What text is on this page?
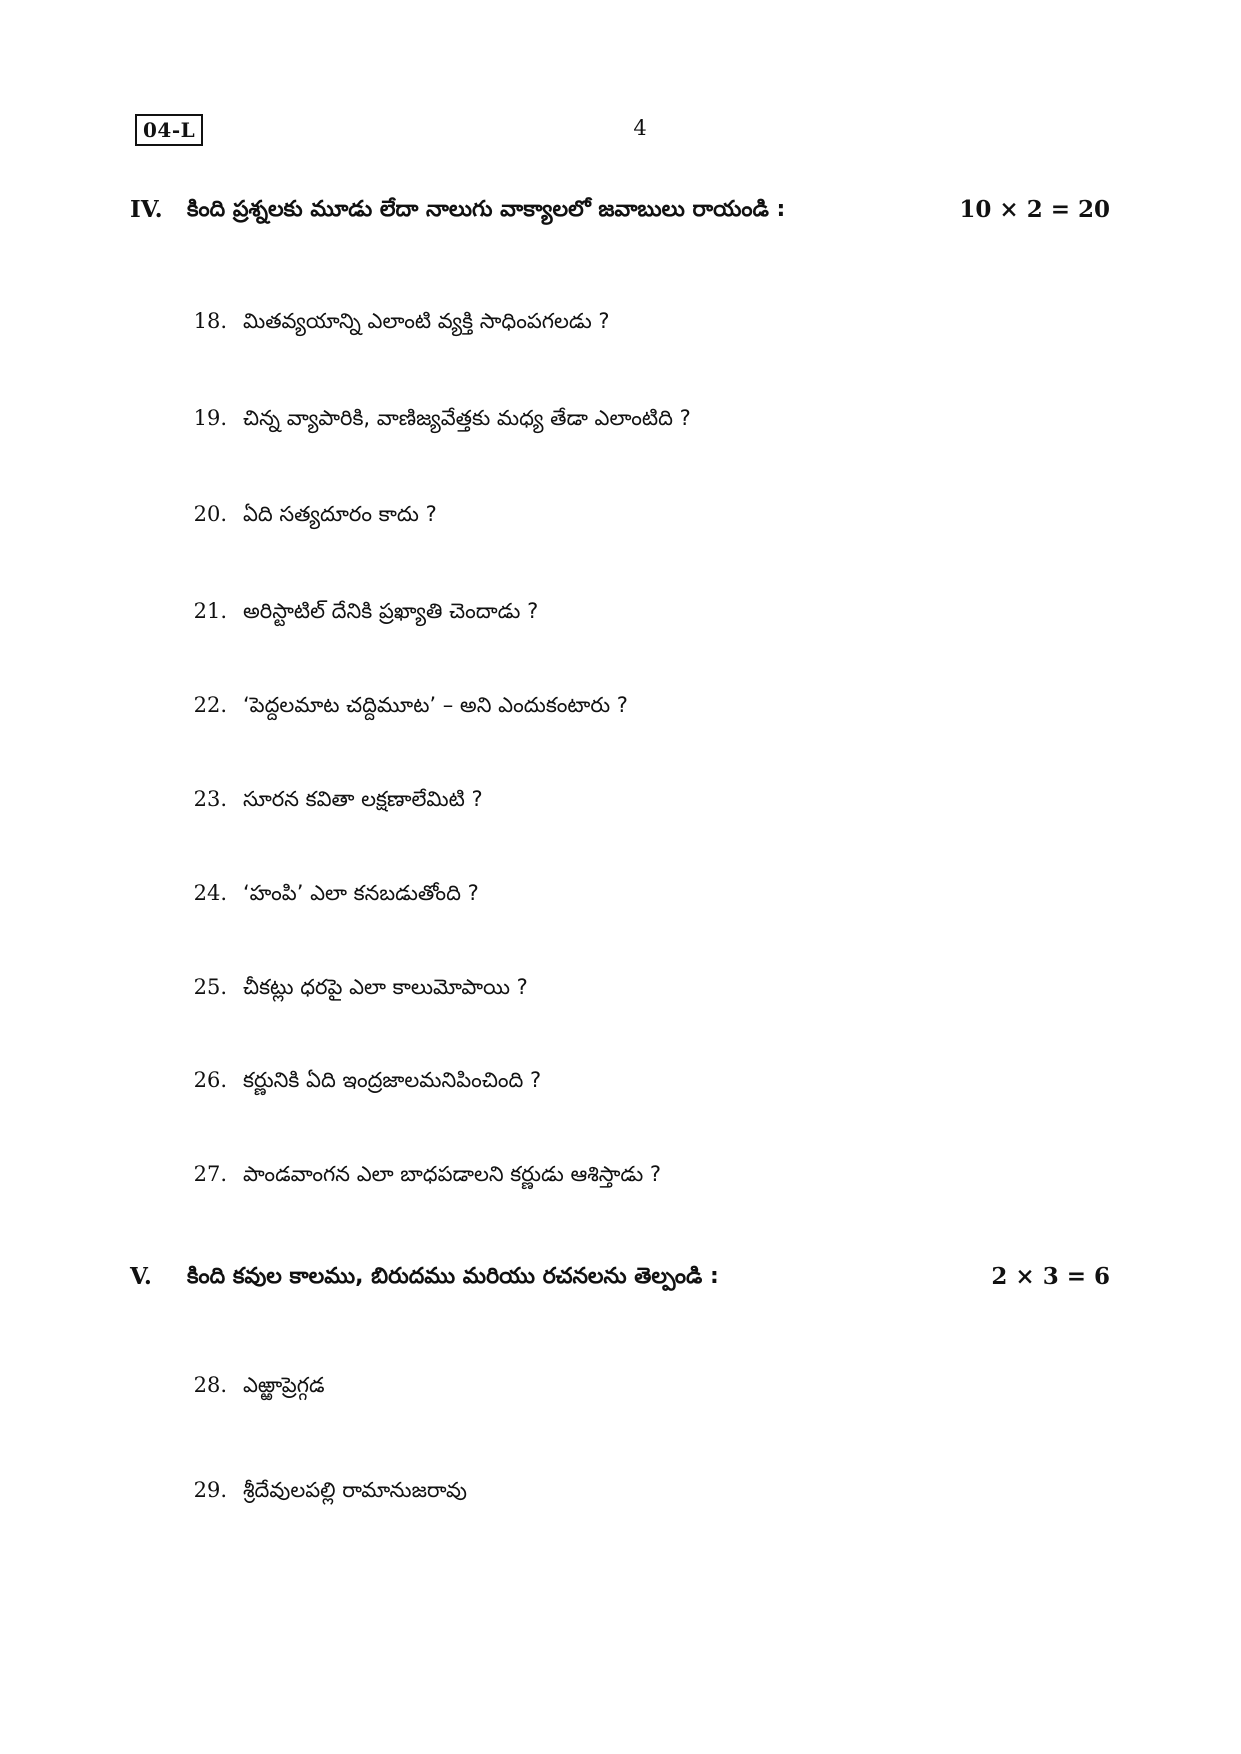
04-L	4
IV. కింది ప్రశ్నలకు మూడు లేదా నాలుగు వాక్యాలలో జవాబులు రాయండి :	10 × 2 = 20
18. మితవ్యయాన్ని ఎలాంటి వ్యక్తి సాధింపగలడు ?
19. చిన్న వ్యాపారికి, వాణిజ్యవేత్తకు మధ్య తేడా ఎలాంటిది ?
20. ఏది సత్యదూరం కాదు ?
21. అరిస్టాటిల్ దేనికి ప్రఖ్యాతి చెందాడు ?
22. ‘పెద్దలమాట చద్దిమూట’ – అని ఎందుకంటారు ?
23. సూరన కవితా లక్షణాలేమిటి ?
24. ‘హంపి’ ఎలా కనబడుతోంది ?
25. చీకట్లు ధరపై ఎలా కాలుమోపాయి ?
26. కర్ణునికి ఏది ఇంద్రజాలమనిపించింది ?
27. పాండవాంగన ఎలా బాధపడాలని కర్ణుడు ఆశిస్తాడు ?
V. కింది కవుల కాలము, బిరుదము మరియు రచనలను తెల్పండి :	2 × 3 = 6
28. ఎఱ్ఱాప్రెగ్గడ
29. శ్రీదేవులపల్లి రామానుజరావు
